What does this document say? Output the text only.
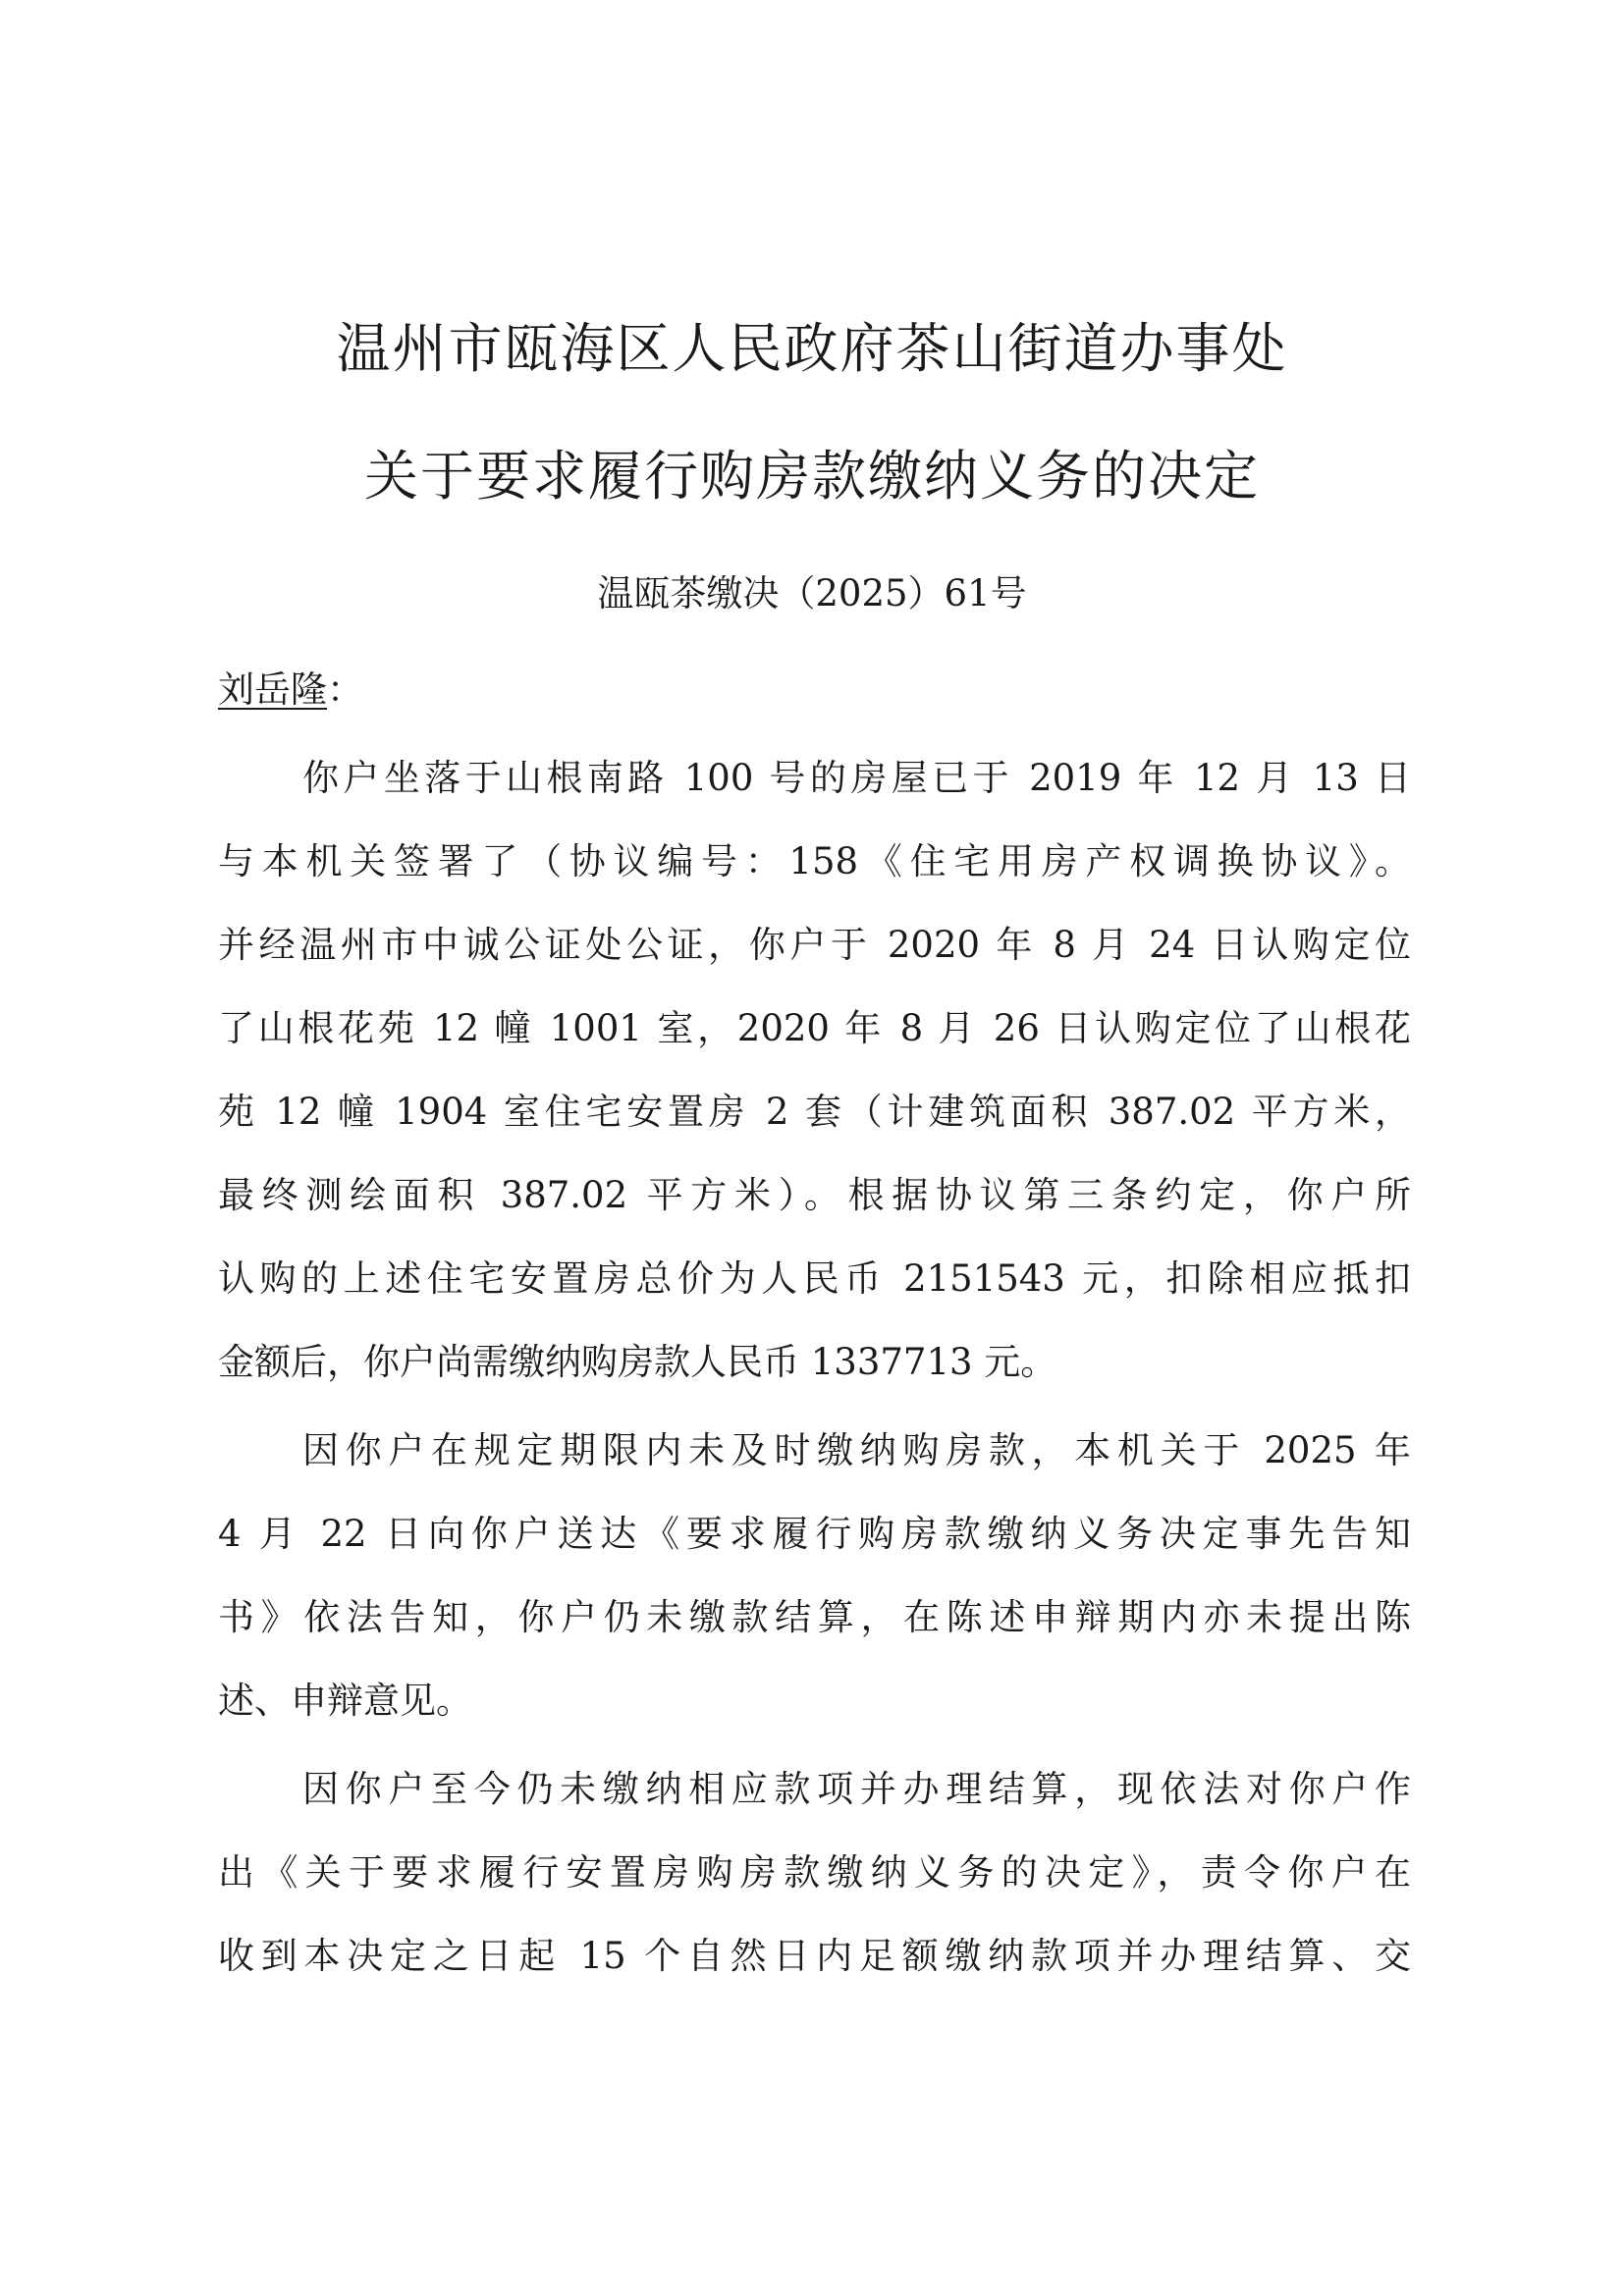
温州市瓯海区人民政府茶山街道办事处
关于要求履行购房款缴纳义务的决定
温瓯茶缴决（2025）61号
刘岳隆：
你户坐落于山根南路 100 号的房屋已于 2019 年 12 月 13 日
与本机关签署了（协议编号：158《住宅用房产权调换协议》。
并经温州市中诚公证处公证，你户于 2020 年 8 月 24 日认购定位
了山根花苑 12 幢 1001 室，2020 年 8 月 26 日认购定位了山根花
苑 12 幢 1904 室住宅安置房 2 套（计建筑面积 387.02 平方米，
最终测绘面积 387.02 平方米）。根据协议第三条约定，你户所
认购的上述住宅安置房总价为人民币 2151543 元，扣除相应抵扣
金额后，你户尚需缴纳购房款人民币 1337713 元。
因你户在规定期限内未及时缴纳购房款，本机关于 2025 年
4 月 22 日向你户送达《要求履行购房款缴纳义务决定事先告知
书》依法告知，你户仍未缴款结算，在陈述申辩期内亦未提出陈
述、申辩意见。
因你户至今仍未缴纳相应款项并办理结算，现依法对你户作
出《关于要求履行安置房购房款缴纳义务的决定》，责令你户在
收到本决定之日起 15 个自然日内足额缴纳款项并办理结算、交
